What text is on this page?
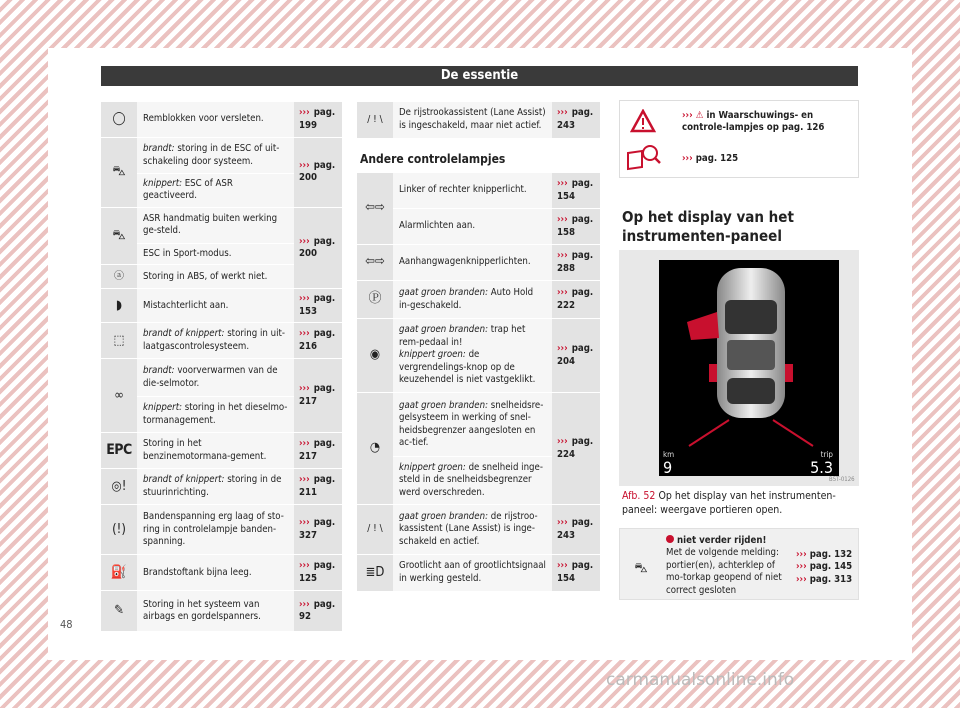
De essentie
◯	Remblokken voor versleten.	››› pag. 199
⛍	brandt: storing in de ESC of uit-schakeling door systeem.	››› pag. 200
	knippert: ESC of ASR geactiveerd.	
⛍	ASR handmatig buiten werking ge-steld.	››› pag. 200
	ESC in Sport-modus.	
ⓐ	Storing in ABS, of werkt niet.	
◗	Mistachterlicht aan.	››› pag. 153
⬚	brandt of knippert: storing in uit-laatgascontrolesysteem.	››› pag. 216
∞	brandt: voorverwarmen van de die-selmotor.	››› pag. 217
	knippert: storing in het dieselmo-tormanagement.	
EPC	Storing in het benzinemotormana-gement.	››› pag. 217
◎!	brandt of knippert: storing in de stuurinrichting.	››› pag. 211
(!)	Bandenspanning erg laag of sto-ring in controlelampje banden-spanning.	››› pag. 327
⛽	Brandstoftank bijna leeg.	››› pag. 125
✎	Storing in het systeem van airbags en gordelspanners.	››› pag. 92
/ ! \	De rijstrookassistent (Lane Assist) is ingeschakeld, maar niet actief.	››› pag. 243
Andere controlelampjes
⇦⇨	Linker of rechter knipperlicht.	››› pag. 154
	Alarmlichten aan.	››› pag. 158
⇦⇨	Aanhangwagenknipperlichten.	››› pag. 288
Ⓟ	gaat groen branden: Auto Hold in-geschakeld.	››› pag. 222
◉	gaat groen branden: trap het rem-pedaal in!
knippert groen: de vergrendelings-knop op de keuzehendel is niet vastgeklikt.	››› pag. 204
◔	gaat groen branden: snelheidsre-gelsysteem in werking of snel-heidsbegrenzer aangesloten en ac-tief.	››› pag. 224
	knippert groen: de snelheid inge-steld in de snelheidsbegrenzer werd overschreden.	
/ ! \	gaat groen branden: de rijstroo-kassistent (Lane Assist) is inge-schakeld en actief.	››› pag. 243
≣D	Grootlicht aan of grootlichtsignaal in werking gesteld.	››› pag. 154
››› ⚠ in Waarschuwings- en controle-lampjes op pag. 126
››› pag. 125
Op het display van het instrumenten-paneel
km
9
trip
5.3
B5T-0126
Afb. 52 Op het display van het instrumenten-paneel: weergave portieren open.
⛍
niet verder rijden!
Met de volgende melding: portier(en), achterklep of mo-torkap geopend of niet correct gesloten
››› pag. 132
››› pag. 145
››› pag. 313
48
carmanualsonline.info
